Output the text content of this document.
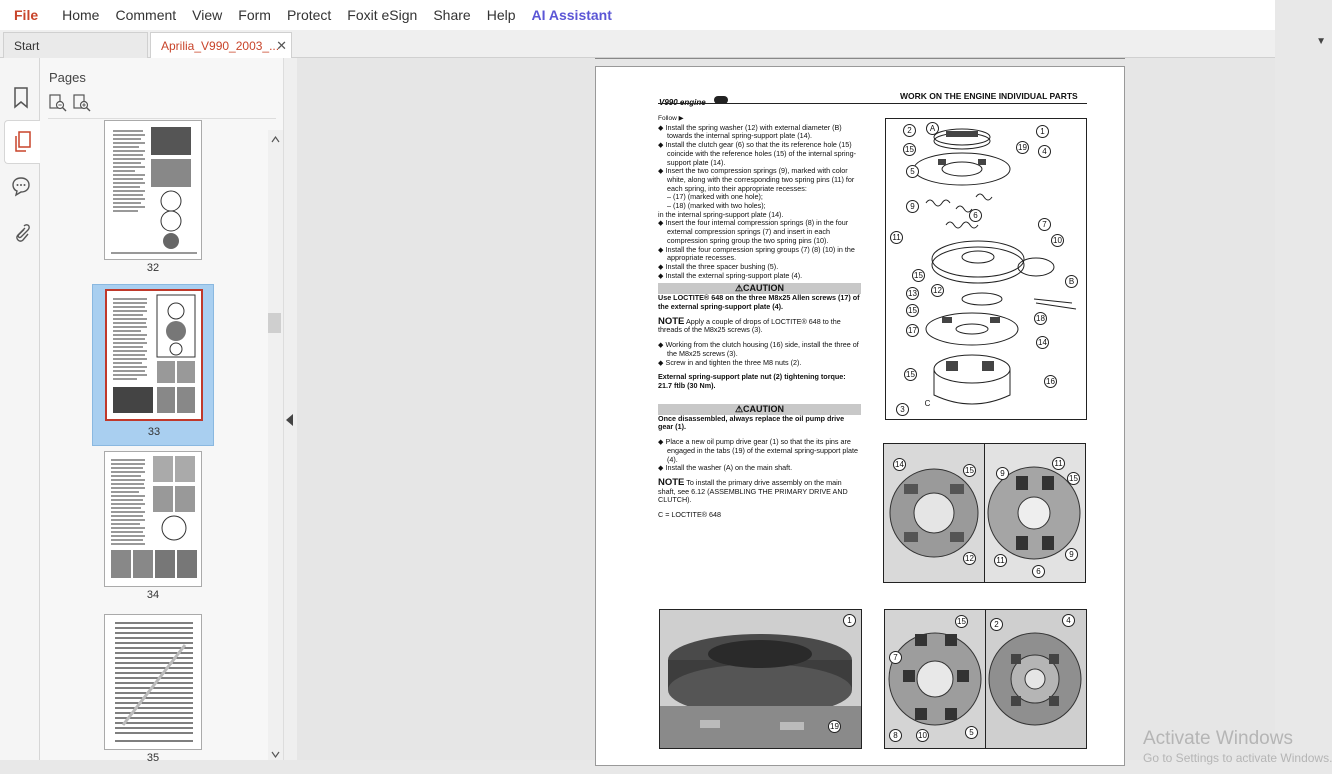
File	Home	Comment	View	Form	Protect	Foxit eSign	Share	Help	AI Assistant
Start	Aprilia_V990_2003_...
✕	▼
Pages
32
33
34
35
WORK ON THE ENGINE INDIVIDUAL PARTS

Follow ▶

◆ Install the spring washer (12) with external diameter (B) towards the internal spring-support plate (14).

◆ Install the clutch gear (6) so that the its reference hole (15) coincide with the reference holes (15) of the internal spring-support plate (14).

◆ Insert the two compression springs (9), marked with color white, along with the corresponding two spring pins (11) for each spring, into their appropriate recesses:

– (17) (marked with one hole);

– (18) (marked with two holes);

in the internal spring-support plate (14).

◆ Insert the four internal compression springs (8) in the four external compression springs (7) and insert in each compression spring group the two spring pins (10).

◆ Install the four compression spring groups (7) (8) (10) in the appropriate recesses.

◆ Install the three spacer bushing (5).

◆ Install the external spring-support plate (4).

⚠CAUTION

Use LOCTITE® 648 on the three M8x25 Allen screws (17) of the external spring-support plate (4).

NOTE Apply a couple of drops of LOCTITE® 648 to the threads of the M8x25 screws (3).

◆ Working from the clutch housing (16) side, install the three of the M8x25 screws (3).

◆ Screw in and tighten the three M8 nuts (2).

External spring-support plate nut (2) tightening torque: 21.7 ftlb (30 Nm).

⚠CAUTION

Once disassembled, always replace the oil pump drive gear (1).

◆ Place a new oil pump drive gear (1) so that the its pins are engaged in the tabs (19) of the external spring-support plate (4).

◆ Install the washer (A) on the main shaft.

NOTE To install the primary drive assembly on the main shaft, see 6.12 (ASSEMBLING THE PRIMARY DRIVE AND CLUTCH).

C = LOCTITE® 648

A	1
2
15	19	4
5
9
6
7
11	10
15
B
13 12
18
15
17
14
15
16
3
C
14
15
12
9
11
15
11
6
9
1
19
15	2	4
7
8	10	5	Activate Windows
Go to Settings to activate Windows.
